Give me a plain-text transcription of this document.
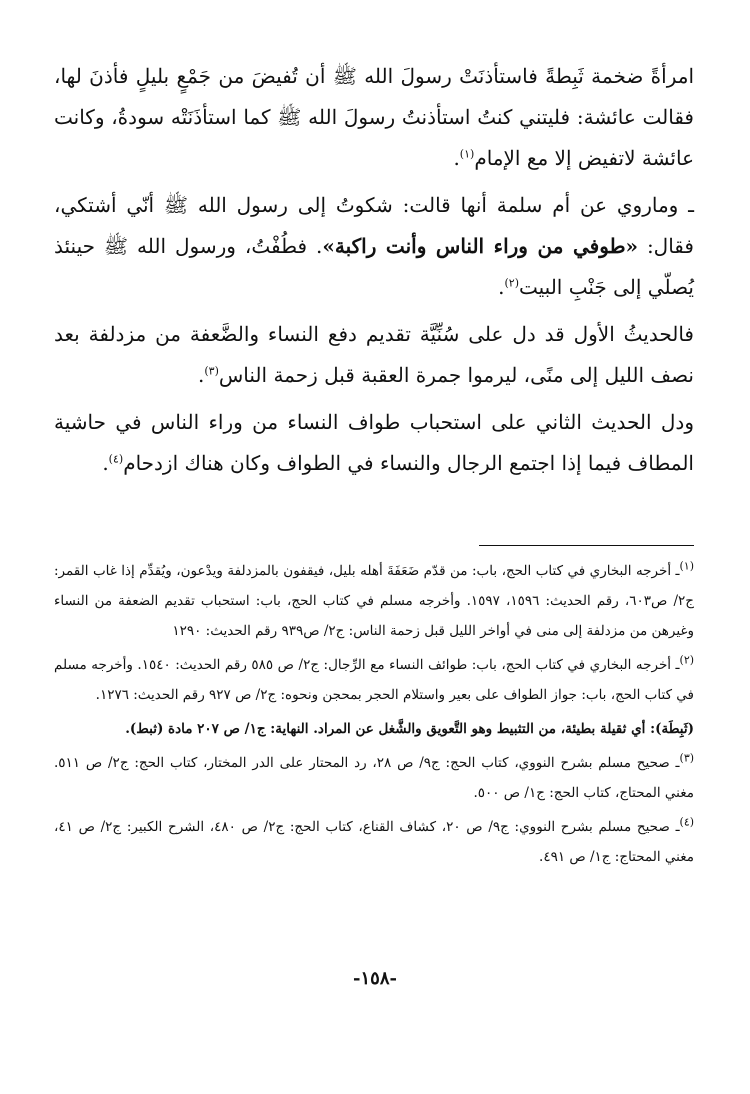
امرأةً ضخمة ثَبِطةً فاستأذنَتْ رسولَ الله ﷺ أن تُفيضَ من جَمْعٍ بليلٍ فأذنَ لها، فقالت عائشة: فليتني كنتُ استأذنتُ رسولَ الله ﷺ كما استأذَنَتْه سودةُ، وكانت عائشة لاتفيض إلا مع الإمام$^{(١)}$.

ـ وماروي عن أم سلمة أنها قالت: شكوتُ إلى رسول الله ﷺ أنّي أشتكي، فقال: «طوفي من وراء الناس وأنت راكبة». فطُفْتُ، ورسول الله ﷺ حينئذ يُصلّي إلى جَنْبِ البيت$^{(٢)}$.

فالحديثُ الأول قد دل على سُنِّيَّة تقديم دفع النساء والضَّعفة من مزدلفة بعد نصف الليل إلى منًى، ليرموا جمرة العقبة قبل زحمة الناس$^{(٣)}$.

ودل الحديث الثاني على استحباب طواف النساء من وراء الناس في حاشية المطاف فيما إذا اجتمع الرجال والنساء في الطواف وكان هناك ازدحام$^{(٤)}$.

$^{(١)}$ـ أخرجه البخاري في كتاب الحج، باب: من قدّم ضَعَفَةَ أهله بليل، فيقفون بالمزدلفة ويدْعون، ويُقدِّم إذا غاب القمر: ج٢/ ص٦٠٣، رقم الحديث: ١٥٩٦، ١٥٩٧. وأخرجه مسلم في كتاب الحج، باب: استحباب تقديم الضعفة من النساء وغيرهن من مزدلفة إلى منى في أواخر الليل قبل زحمة الناس: ج٢/ ص٩٣٩ رقم الحديث: ١٢٩٠

$^{(٢)}$ـ أخرجه البخاري في كتاب الحج، باب: طوائف النساء مع الرِّجال: ج٢/ ص ٥٨٥ رقم الحديث: ١٥٤٠. وأخرجه مسلم في كتاب الحج، باب: جواز الطواف على بعير واستلام الحجر بمحجن ونحوه: ج٢/ ص ٩٢٧ رقم الحديث: ١٢٧٦.

(ثَبِطَة): أي ثقيلة بطيئة، من التثبيط وهو التَّعويق والشَّغل عن المراد. النهاية: ج١/ ص ٢٠٧ مادة (ثبط).

$^{(٣)}$ـ صحيح مسلم بشرح النووي، كتاب الحج: ج٩/ ص ٢٨، رد المحتار على الدر المختار، كتاب الحج: ج٢/ ص ٥١١. مغني المحتاج، كتاب الحج: ج١/ ص ٥٠٠.

$^{(٤)}$ـ صحيح مسلم بشرح النووي: ج٩/ ص ٢٠، كشاف القناع، كتاب الحج: ج٢/ ص ٤٨٠، الشرح الكبير: ج٢/ ص ٤١، مغني المحتاج: ج١/ ص ٤٩١.

-١٥٨-
